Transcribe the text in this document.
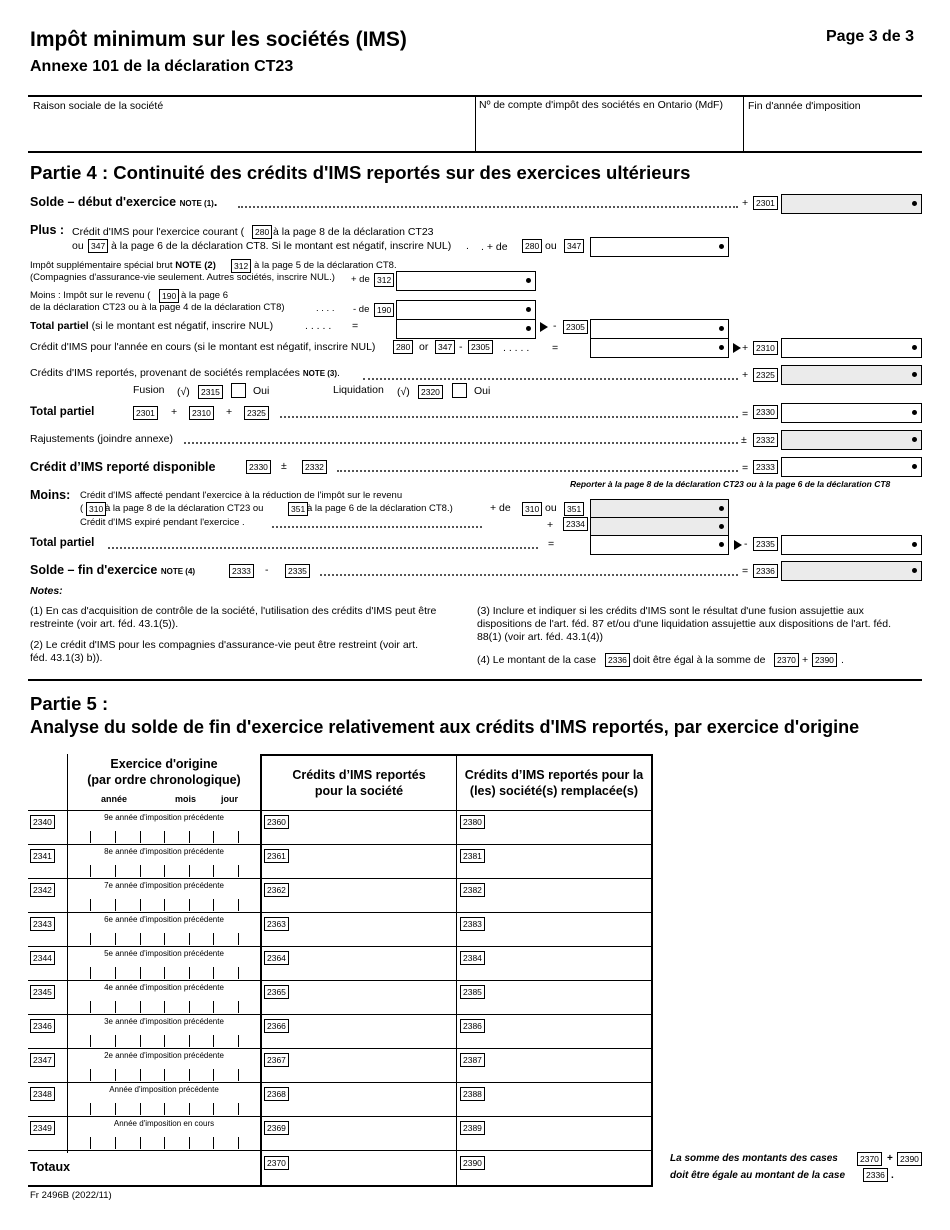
Impôt minimum sur les sociétés (IMS)
Annexe 101 de la déclaration CT23
Page 3 de 3
Raison sociale de la société	Nº de compte d'impôt des sociétés en Ontario (MdF) Fin d'année d'imposition
Partie 4 : Continuité des crédits d'IMS reportés sur des exercices ultérieurs
Solde – début d'exercice NOTE (1).	+ 2301
Plus : Crédit d'IMS pour l'exercice courant (	280 à la page 8 de la déclaration CT23
ou 347 à la page 6 de la déclaration CT8. Si le montant est négatif, inscrire NUL) . . + de	280 ou	347
Impôt supplémentaire spécial brut NOTE (2)	312 à la page 5 de la déclaration CT8.
(Compagnies d'assurance-vie seulement. Autres sociétés, inscrire NUL.) + de 312
Moins : Impôt sur le revenu (	190 à la page 6
de la déclaration CT23 ou à la page 4 de la déclaration CT8)	. . . . - de 190
Total partiel (si le montant est négatif, inscrire NUL)	. . . . . =	-	2305
Crédit d'IMS pour l'année en cours (si le montant est négatif, inscrire NUL)	280 or	347 -	2305 . . . . . =	+ 2310
Crédits d'IMS reportés, provenant de sociétés remplacées NOTE (3).	+ 2325
Fusion (√)	2315	Oui	Liquidation (√)	2320	Oui
Total partiel	2301 +	2310 +	2325	= 2330
Rajustements (joindre annexe)	±	2332
Crédit d’IMS reporté disponible	2330 ±	2332	= 2333
Reporter à la page 8 de la déclaration CT23 ou à la page 6 de la déclaration CT8
Moins: Crédit d'IMS affecté pendant l'exercice à la réduction de l'impôt sur le revenu
( 310 à la page 8 de la déclaration CT23 ou	351 à la page 6 de la déclaration CT8.)	+ de	310 ou	351
Crédit d'IMS expiré pendant l'exercice .	+	2334
Total partiel	=	-	2335
Solde – fin d'exercice NOTE (4)	2333 -	2335	= 2336
Notes:
(1) En cas d'acquisition de contrôle de la société, l'utilisation des crédits d'IMS peut être restreinte (voir art. féd. 43.1(5)).
(2) Le crédit d'IMS pour les compagnies d'assurance-vie peut être restreint (voir art. féd. 43.1(3) b)).
(3) Inclure et indiquer si les crédits d'IMS sont le résultat d'une fusion assujettie aux dispositions de l'art. féd. 87 et/ou d'une liquidation assujettie aux dispositions de l'art. féd. 88(1) (voir art. féd. 43.1(4))
(4) Le montant de la case	2336 doit être égal à la somme de	2370 + 2390 .
Partie 5 :
Analyse du solde de fin d'exercice relativement aux crédits d'IMS reportés, par exercice d'origine
Exercice d'origine
(par ordre chronologique)
année	mois	jour
Crédits d’IMS reportés
pour la société
Crédits d’IMS reportés pour la
(les) société(s) remplacée(s)
2340	9e année d'imposition précédente	2360	2380
2341	8e année d'imposition précédente	2361	2381
2342	7e année d'imposition précédente	2362	2382
2343	6e année d'imposition précédente	2363	2383
2344	5e année d'imposition précédente	2364	2384
2345	4e année d'imposition précédente	2365	2385
2346	3e année d'imposition précédente	2366	2386
2347	2e année d'imposition précédente	2367	2387
2348	Année d'imposition précédente	2368	2388
2349	Année d'imposition en cours	2369	2389
Totaux	2370	2390	La somme des montants des cases	2370 + 2390
doit être égale au montant de la case	2336 .
Fr 2496B (2022/11)
